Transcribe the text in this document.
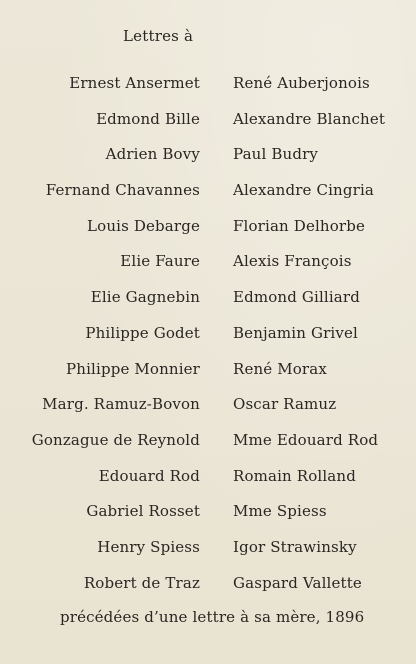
Lettres à
Ernest Ansermet René Auberjonois
Edmond Bille Alexandre Blanchet
Adrien Bovy Paul Budry
Fernand Chavannes Alexandre Cingria
Louis Debarge Florian Delhorbe
Elie Faure Alexis François
Elie Gagnebin Edmond Gilliard
Philippe Godet Benjamin Grivel
Philippe Monnier René Morax
Marg. Ramuz-Bovon Oscar Ramuz
Gonzague de Reynold Mme Edouard Rod
Edouard Rod Romain Rolland
Gabriel Rosset Mme Spiess
Henry Spiess Igor Strawinsky
Robert de Traz Gaspard Vallette
précédées d’une lettre à sa mère, 1896
